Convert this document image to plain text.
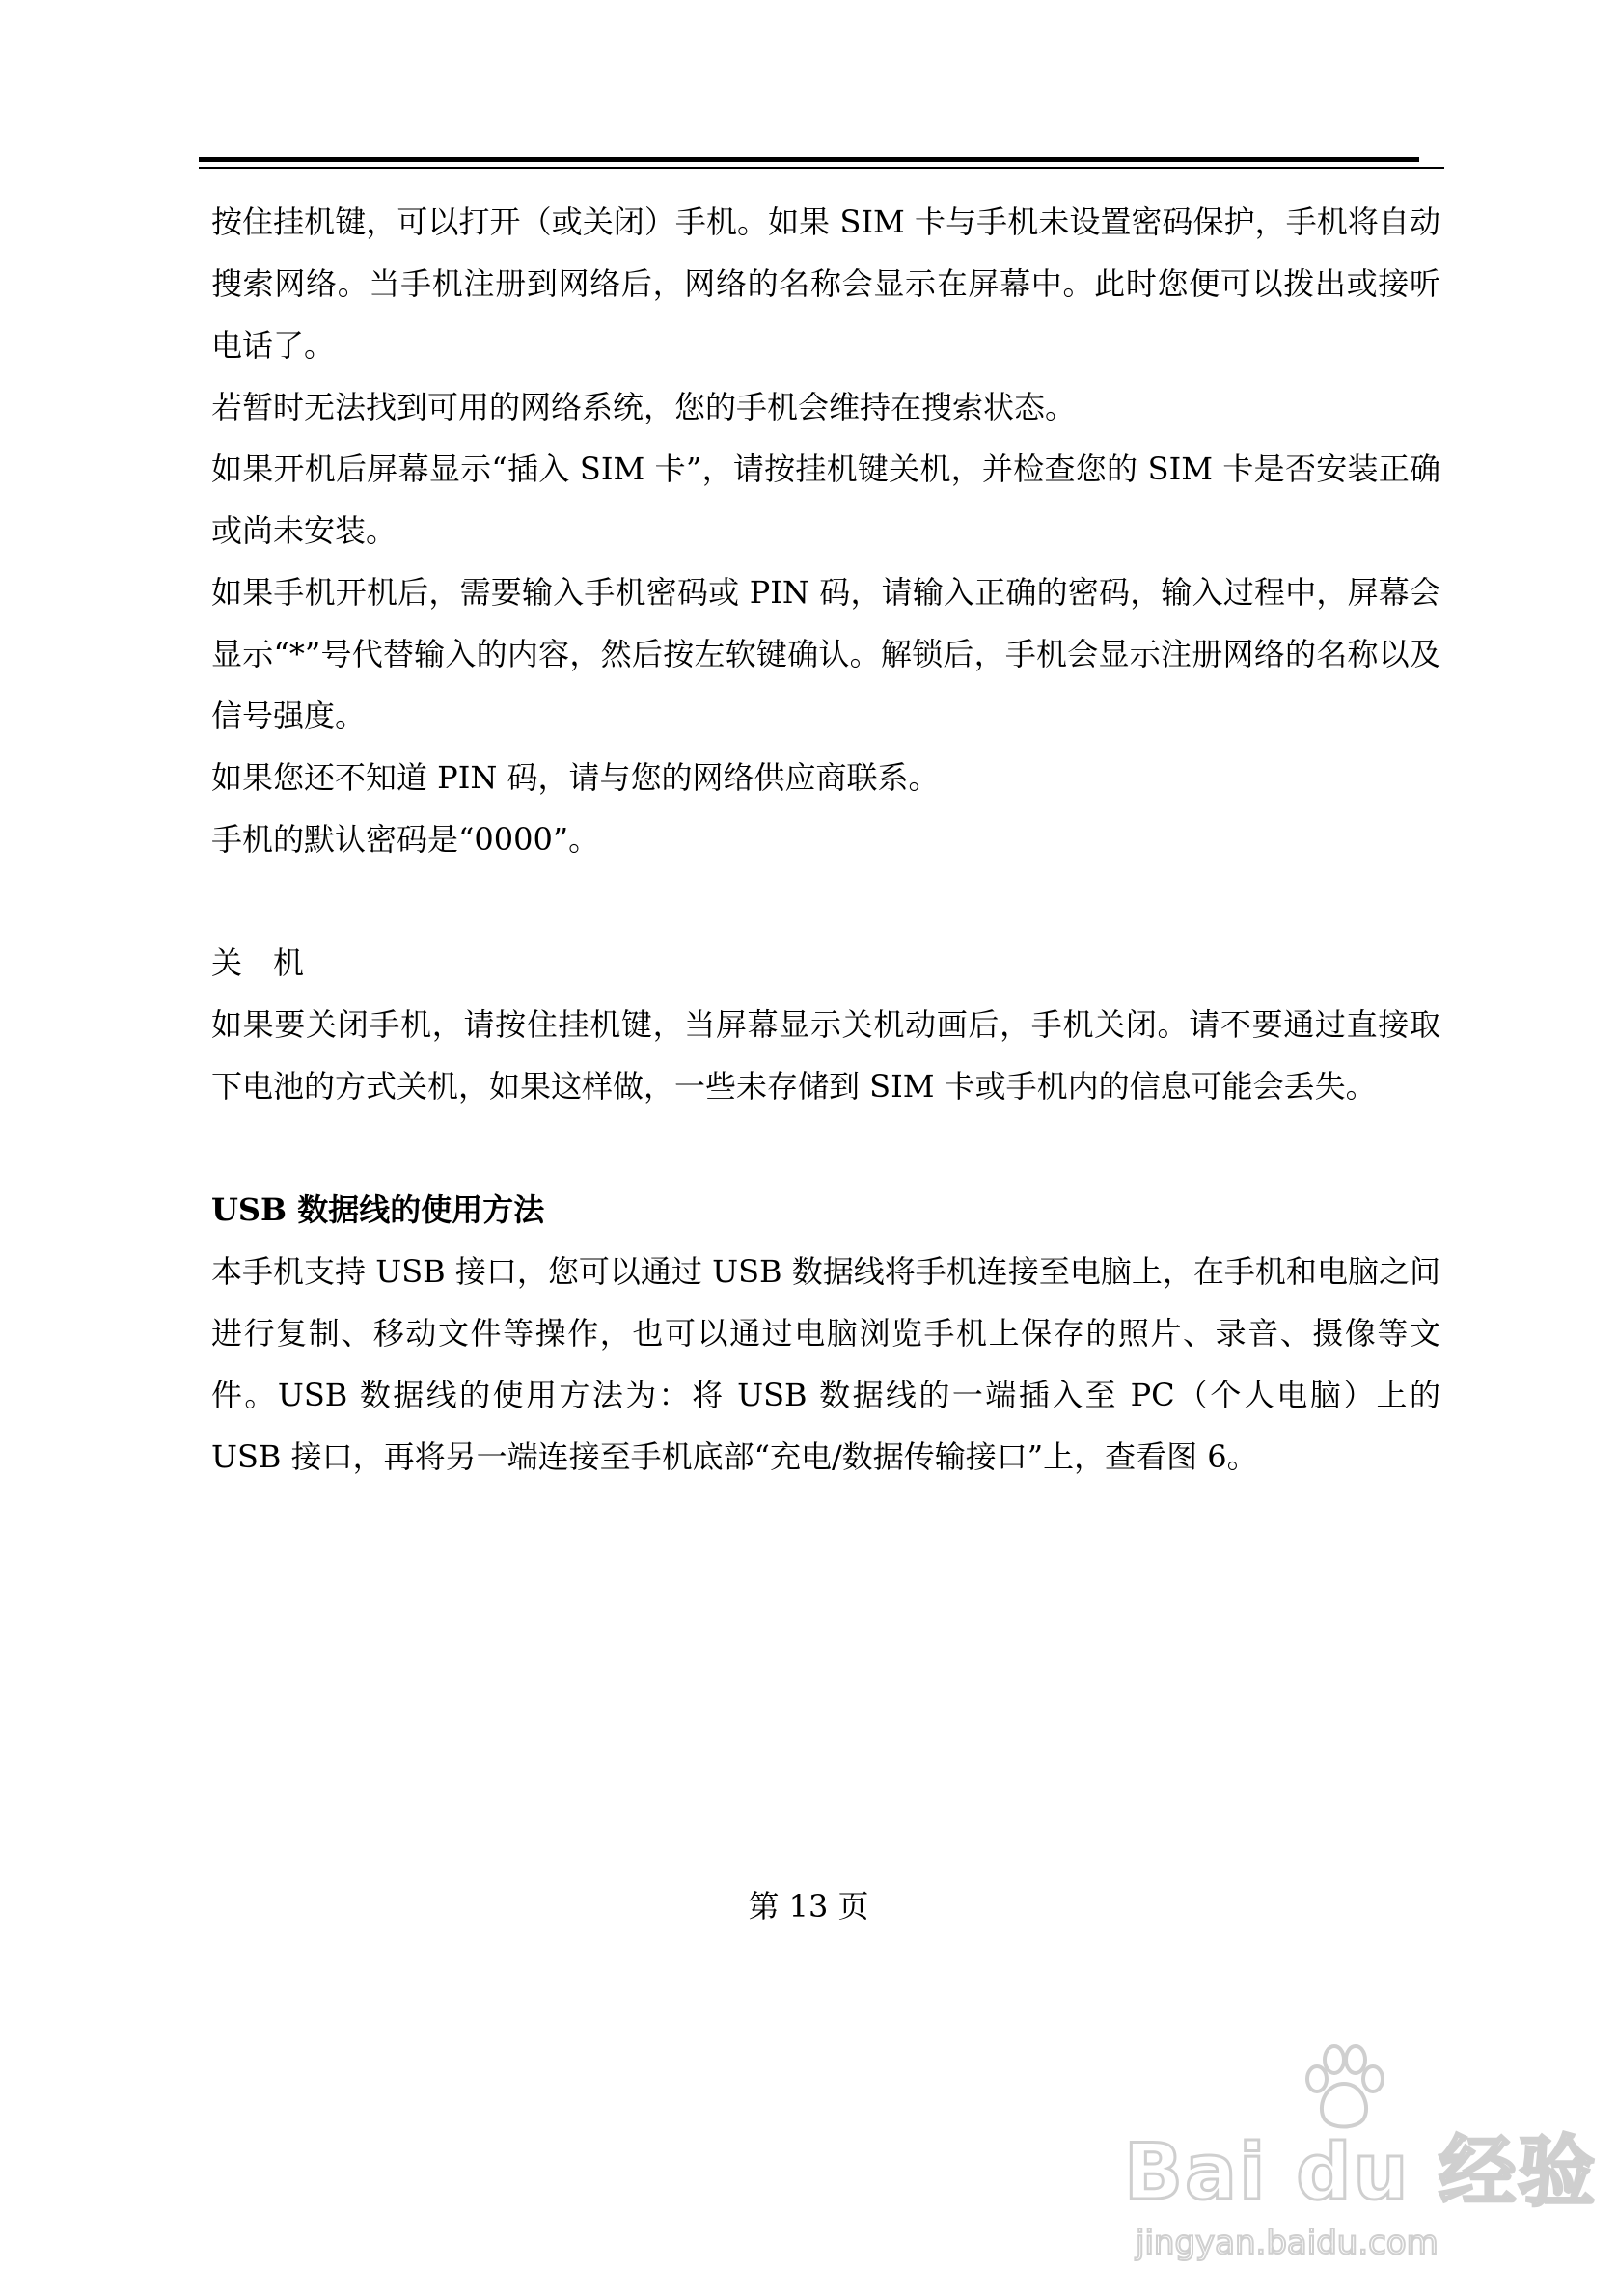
按住挂机键，可以打开（或关闭）手机。如果 SIM 卡与手机未设置密码保护，手机将自动搜索网络。当手机注册到网络后，网络的名称会显示在屏幕中。此时您便可以拨出或接听电话了。

若暂时无法找到可用的网络系统，您的手机会维持在搜索状态。

如果开机后屏幕显示“插入 SIM 卡”，请按挂机键关机，并检查您的 SIM 卡是否安装正确或尚未安装。

如果手机开机后，需要输入手机密码或 PIN 码，请输入正确的密码，输入过程中，屏幕会显示“*”号代替输入的内容，然后按左软键确认。解锁后，手机会显示注册网络的名称以及信号强度。

如果您还不知道 PIN 码，请与您的网络供应商联系。

手机的默认密码是“0000”。

关　机

如果要关闭手机，请按住挂机键，当屏幕显示关机动画后，手机关闭。请不要通过直接取下电池的方式关机，如果这样做，一些未存储到 SIM 卡或手机内的信息可能会丢失。

USB 数据线的使用方法

本手机支持 USB 接口，您可以通过 USB 数据线将手机连接至电脑上，在手机和电脑之间进行复制、移动文件等操作，也可以通过电脑浏览手机上保存的照片、录音、摄像等文件。USB 数据线的使用方法为：将 USB 数据线的一端插入至 PC（个人电脑）上的 USB 接口，再将另一端连接至手机底部“充电/数据传输接口”上，查看图 6。

第 13 页
Bai du 经验
jingyan.baidu.com
